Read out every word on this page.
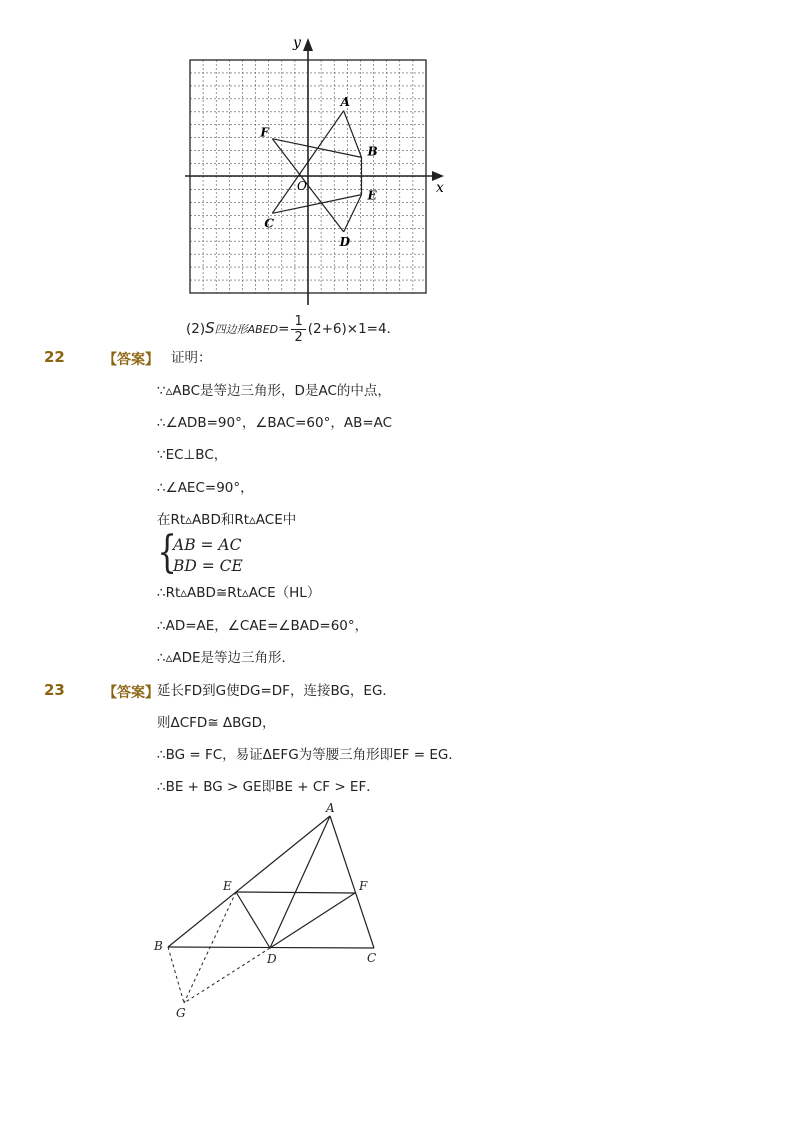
x
y
O
A
B
E
D
F
C
(2)S四边形ABED= $\frac{1}{2} (2+6)\times 1=4$．
22	【答案】 证明：
∵▵ABC是等边三角形，D是AC的中点，
∴∠ADB=90°，∠BAC=60°，AB=AC
∵EC⊥BC，
∴∠AEC=90°，
在Rt▵ABD和Rt▵ACE中
{
AB = AC
BD = CE
∴Rt▵ABD≅Rt▵ACE（HL）
∴AD=AE，∠CAE=∠BAD=60°，
∴▵ADE是等边三角形．
23	【答案】
延长FD到G使DG=DF，连接BG，EG．
则ΔCFD≅ ΔBGD，
∴BG = FC，易证ΔEFG为等腰三角形即EF = EG．
∴BE + BG > GE即BE + CF > EF．
A
E	F
B
D	C
G
